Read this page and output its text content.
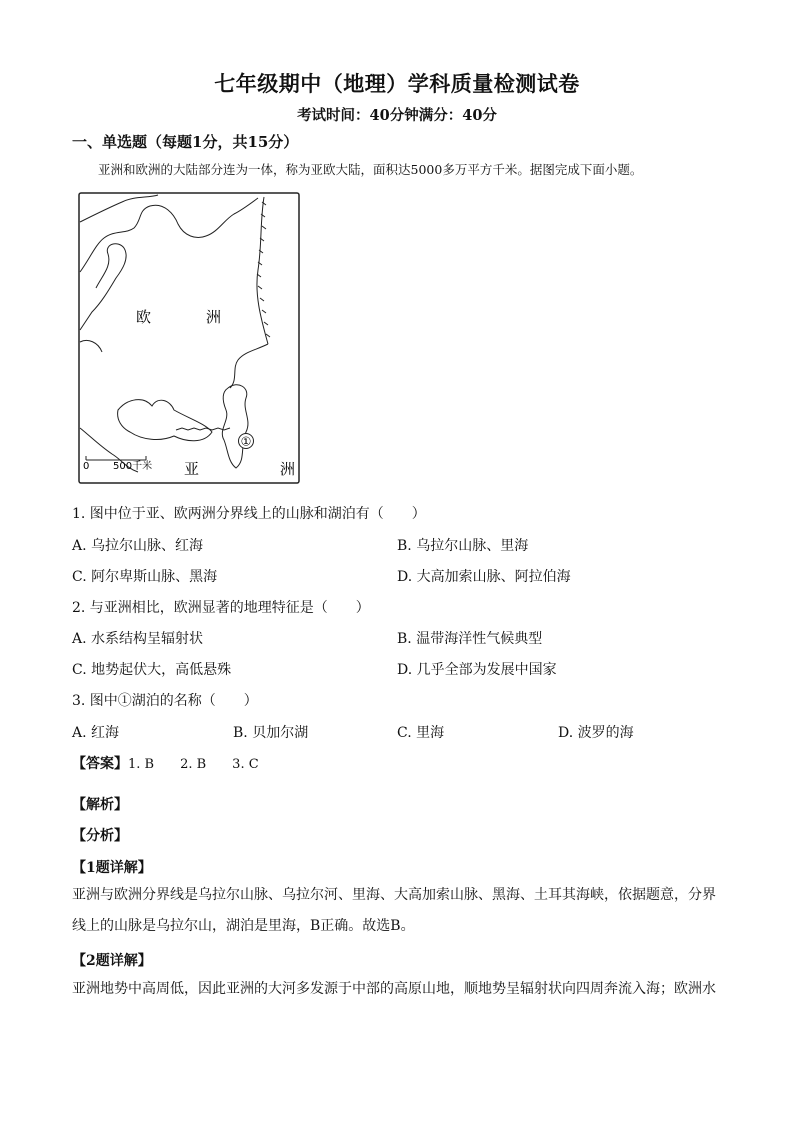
七年级期中（地理）学科质量检测试卷
考试时间：40分钟满分：40分
一、单选题（每题1分，共15分）
亚洲和欧洲的大陆部分连为一体，称为亚欧大陆，面积达5000多万平方千米。据图完成下面小题。
①
欧	洲
亚	洲
0 500千米
1. 图中位于亚、欧两洲分界线上的山脉和湖泊有（　　）
A. 乌拉尔山脉、红海	B. 乌拉尔山脉、里海
C. 阿尔卑斯山脉、黑海	D. 大高加索山脉、阿拉伯海
2. 与亚洲相比，欧洲显著的地理特征是（　　）
A. 水系结构呈辐射状	B. 温带海洋性气候典型
C. 地势起伏大，高低悬殊	D. 几乎全部为发展中国家
3. 图中①湖泊的名称（　　）
A. 红海	B. 贝加尔湖	C. 里海	D. 波罗的海
【答案】1. B　　2. B　　3. C
【解析】
【分析】
【1题详解】
亚洲与欧洲分界线是乌拉尔山脉、乌拉尔河、里海、大高加索山脉、黑海、土耳其海峡，依据题意，分界
线上的山脉是乌拉尔山，湖泊是里海，B正确。故选B。
【2题详解】
亚洲地势中高周低，因此亚洲的大河多发源于中部的高原山地，顺地势呈辐射状向四周奔流入海；欧洲水
